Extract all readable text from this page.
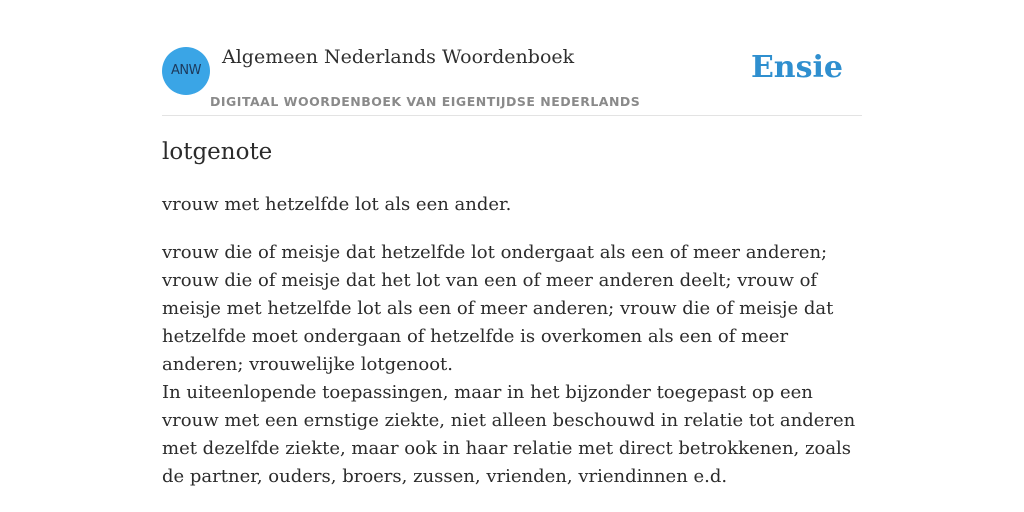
ANW
Algemeen Nederlands Woordenboek
DIGITAAL WOORDENBOEK VAN EIGENTIJDSE NEDERLANDS
Ensie
lotgenote
vrouw met hetzelfde lot als een ander.

vrouw die of meisje dat hetzelfde lot ondergaat als een of meer anderen; vrouw die of meisje dat het lot van een of meer anderen deelt; vrouw of meisje met hetzelfde lot als een of meer anderen; vrouw die of meisje dat hetzelfde moet ondergaan of hetzelfde is overkomen als een of meer anderen; vrouwelijke lotgenoot.

In uiteenlopende toepassingen, maar in het bijzonder toegepast op een vrouw met een ernstige ziekte, niet alleen beschouwd in relatie tot anderen met dezelfde ziekte, maar ook in haar relatie met direct betrokkenen, zoals de partner, ouders, broers, zussen, vrienden, vriendinnen e.d.
